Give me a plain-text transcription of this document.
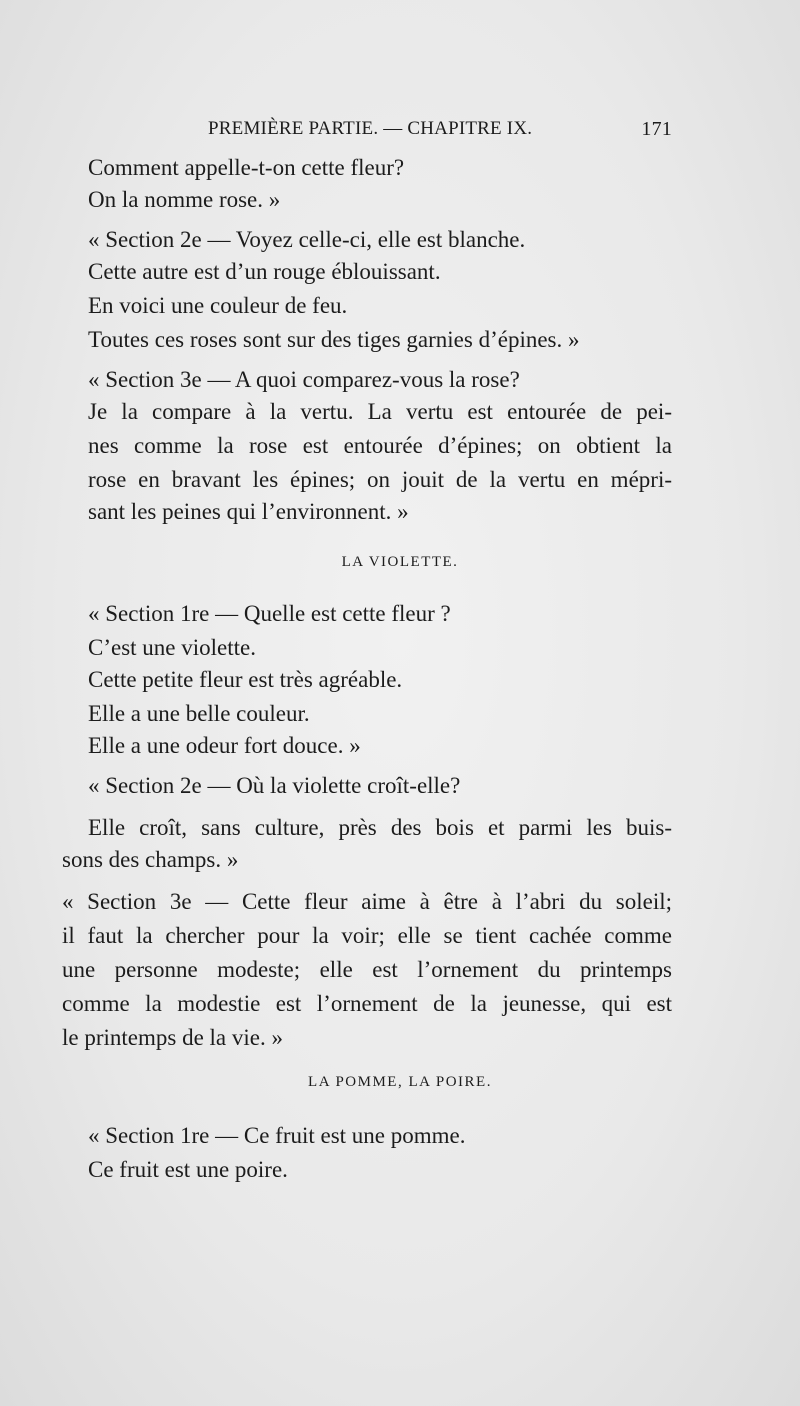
PREMIÈRE PARTIE. — CHAPITRE IX.	171
Comment appelle-t-on cette fleur?
On la nomme rose. »
« Section 2e — Voyez celle-ci, elle est blanche.
Cette autre est d’un rouge éblouissant.
En voici une couleur de feu.
Toutes ces roses sont sur des tiges garnies d’épines. »
« Section 3e — A quoi comparez-vous la rose?
Je la compare à la vertu. La vertu est entourée de pei-
nes comme la rose est entourée d’épines; on obtient la
rose en bravant les épines; on jouit de la vertu en mépri-
sant les peines qui l’environnent. »
LA VIOLETTE.
« Section 1re — Quelle est cette fleur ?
C’est une violette.
Cette petite fleur est très agréable.
Elle a une belle couleur.
Elle a une odeur fort douce. »
« Section 2e — Où la violette croît-elle?
Elle croît, sans culture, près des bois et parmi les buis-
sons des champs. »
« Section 3e — Cette fleur aime à être à l’abri du soleil;
il faut la chercher pour la voir; elle se tient cachée comme
une personne modeste; elle est l’ornement du printemps
comme la modestie est l’ornement de la jeunesse, qui est
le printemps de la vie. »
LA POMME, LA POIRE.
« Section 1re — Ce fruit est une pomme.
Ce fruit est une poire.
